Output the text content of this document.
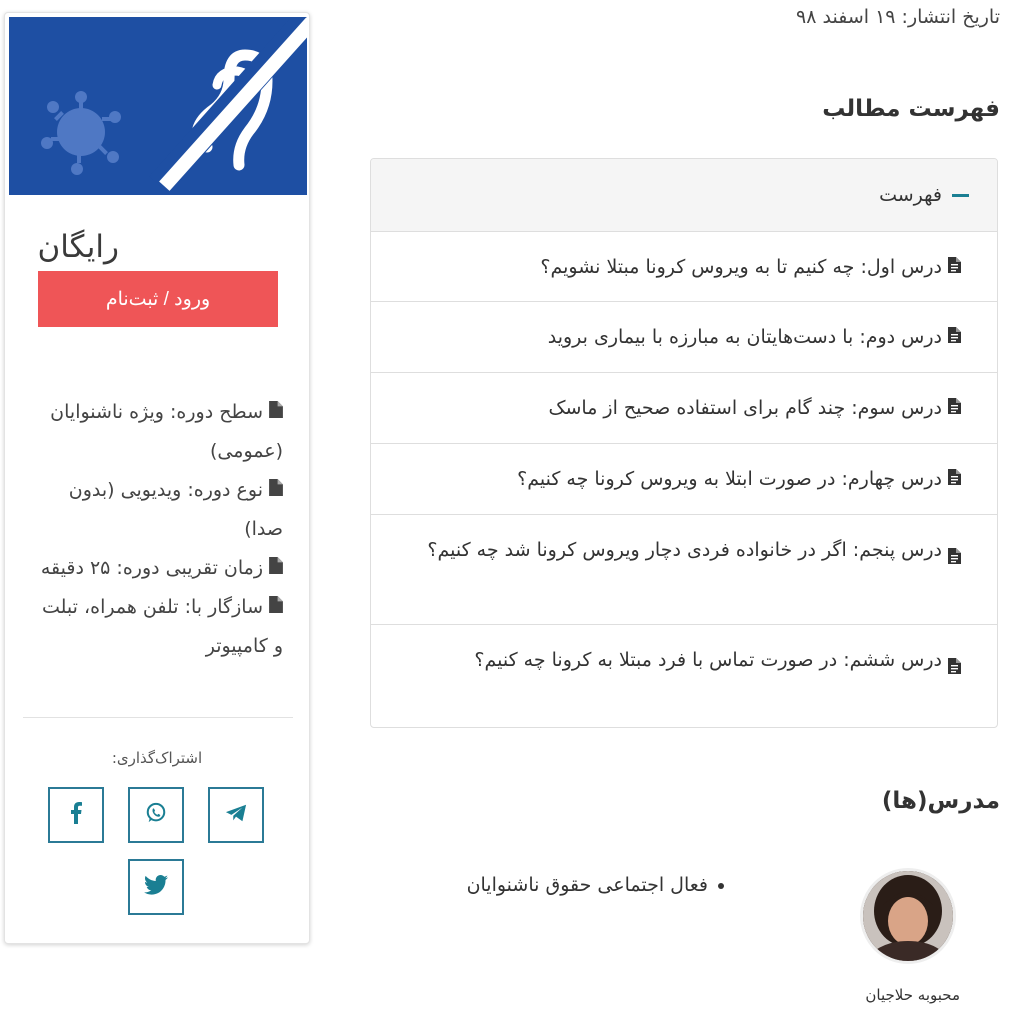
تاریخ انتشار: ۱۹ اسفند ۹۸
فهرست مطالب
فهرست
درس اول: چه کنیم تا به ویروس کرونا مبتلا نشویم؟
درس دوم: با دست‌هایتان به مبارزه با بیماری بروید
درس سوم: چند گام برای استفاده صحیح از ماسک
درس چهارم: در صورت ابتلا به ویروس کرونا چه کنیم؟
درس پنجم: اگر در خانواده فردی دچار ویروس کرونا شد چه کنیم؟
درس ششم: در صورت تماس با فرد مبتلا به کرونا چه کنیم؟
مدرس(ها)
فعال اجتماعی حقوق ناشنوایان
محبوبه حلاجیان
رایگان
ورود / ثبت‌نام

سطح دوره: ویژه ناشنوایان (عمومی)

نوع دوره: ویدیویی (بدون صدا)

زمان تقریبی دوره: ۲۵ دقیقه

سازگار با: تلفن همراه، تبلت و کامپیوتر

اشتراک‌گذاری:
